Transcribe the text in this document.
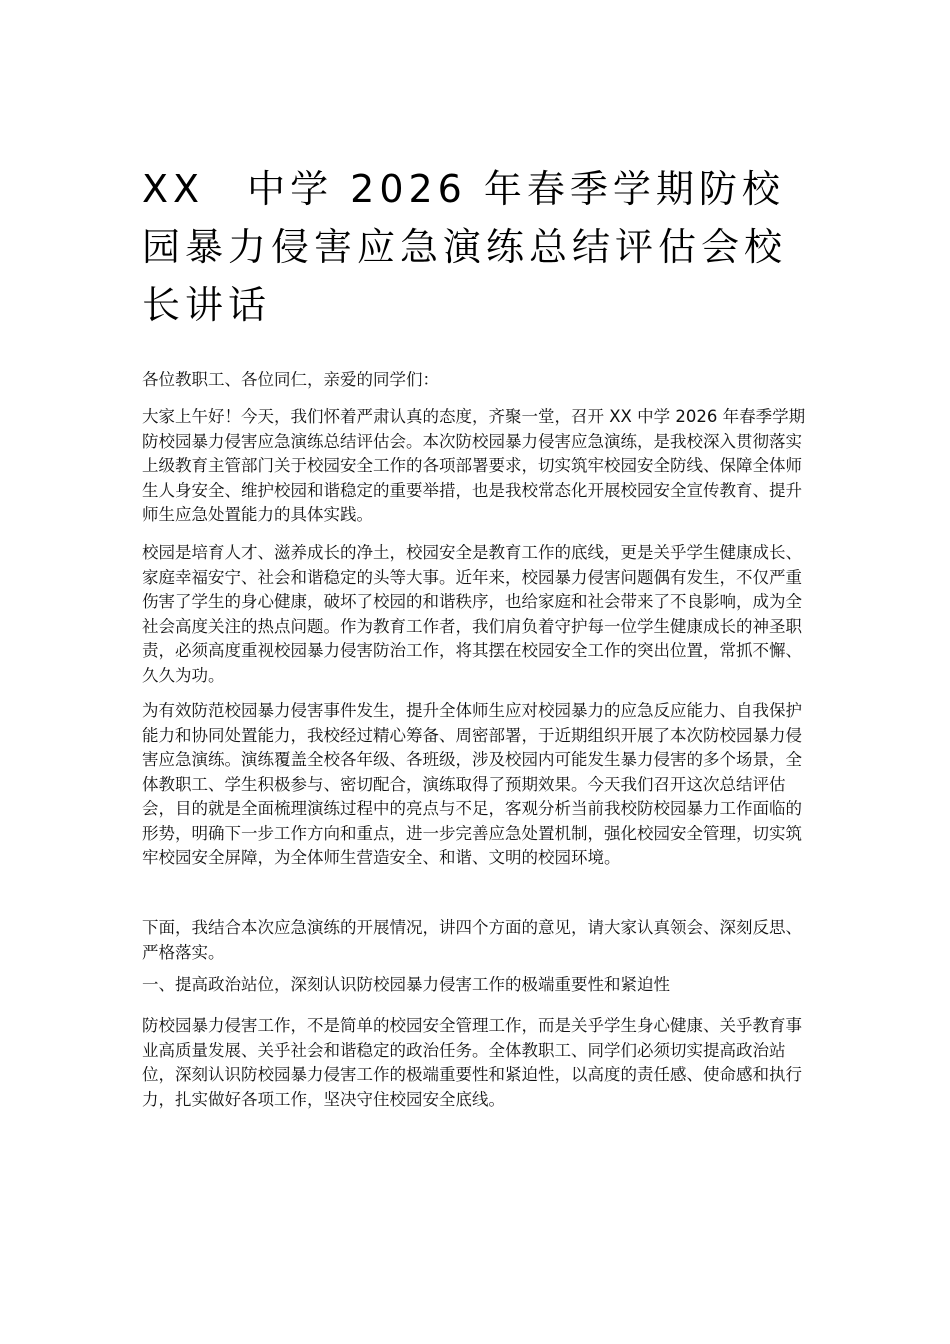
XX　中学 2026 年春季学期防校园暴力侵害应急演练总结评估会校长讲话

各位教职工、各位同仁，亲爱的同学们：

大家上午好！今天，我们怀着严肃认真的态度，齐聚一堂，召开 XX 中学 2026 年春季学期防校园暴力侵害应急演练总结评估会。本次防校园暴力侵害应急演练，是我校深入贯彻落实上级教育主管部门关于校园安全工作的各项部署要求，切实筑牢校园安全防线、保障全体师生人身安全、维护校园和谐稳定的重要举措，也是我校常态化开展校园安全宣传教育、提升师生应急处置能力的具体实践。

校园是培育人才、滋养成长的净土，校园安全是教育工作的底线，更是关乎学生健康成长、家庭幸福安宁、社会和谐稳定的头等大事。近年来，校园暴力侵害问题偶有发生，不仅严重伤害了学生的身心健康，破坏了校园的和谐秩序，也给家庭和社会带来了不良影响，成为全社会高度关注的热点问题。作为教育工作者，我们肩负着守护每一位学生健康成长的神圣职责，必须高度重视校园暴力侵害防治工作，将其摆在校园安全工作的突出位置，常抓不懈、久久为功。

为有效防范校园暴力侵害事件发生，提升全体师生应对校园暴力的应急反应能力、自我保护能力和协同处置能力，我校经过精心筹备、周密部署，于近期组织开展了本次防校园暴力侵害应急演练。演练覆盖全校各年级、各班级，涉及校园内可能发生暴力侵害的多个场景，全体教职工、学生积极参与、密切配合，演练取得了预期效果。今天我们召开这次总结评估会，目的就是全面梳理演练过程中的亮点与不足，客观分析当前我校防校园暴力工作面临的形势，明确下一步工作方向和重点，进一步完善应急处置机制，强化校园安全管理，切实筑牢校园安全屏障，为全体师生营造安全、和谐、文明的校园环境。

下面，我结合本次应急演练的开展情况，讲四个方面的意见，请大家认真领会、深刻反思、严格落实。

一、提高政治站位，深刻认识防校园暴力侵害工作的极端重要性和紧迫性

防校园暴力侵害工作，不是简单的校园安全管理工作，而是关乎学生身心健康、关乎教育事业高质量发展、关乎社会和谐稳定的政治任务。全体教职工、同学们必须切实提高政治站位，深刻认识防校园暴力侵害工作的极端重要性和紧迫性，以高度的责任感、使命感和执行力，扎实做好各项工作，坚决守住校园安全底线。
